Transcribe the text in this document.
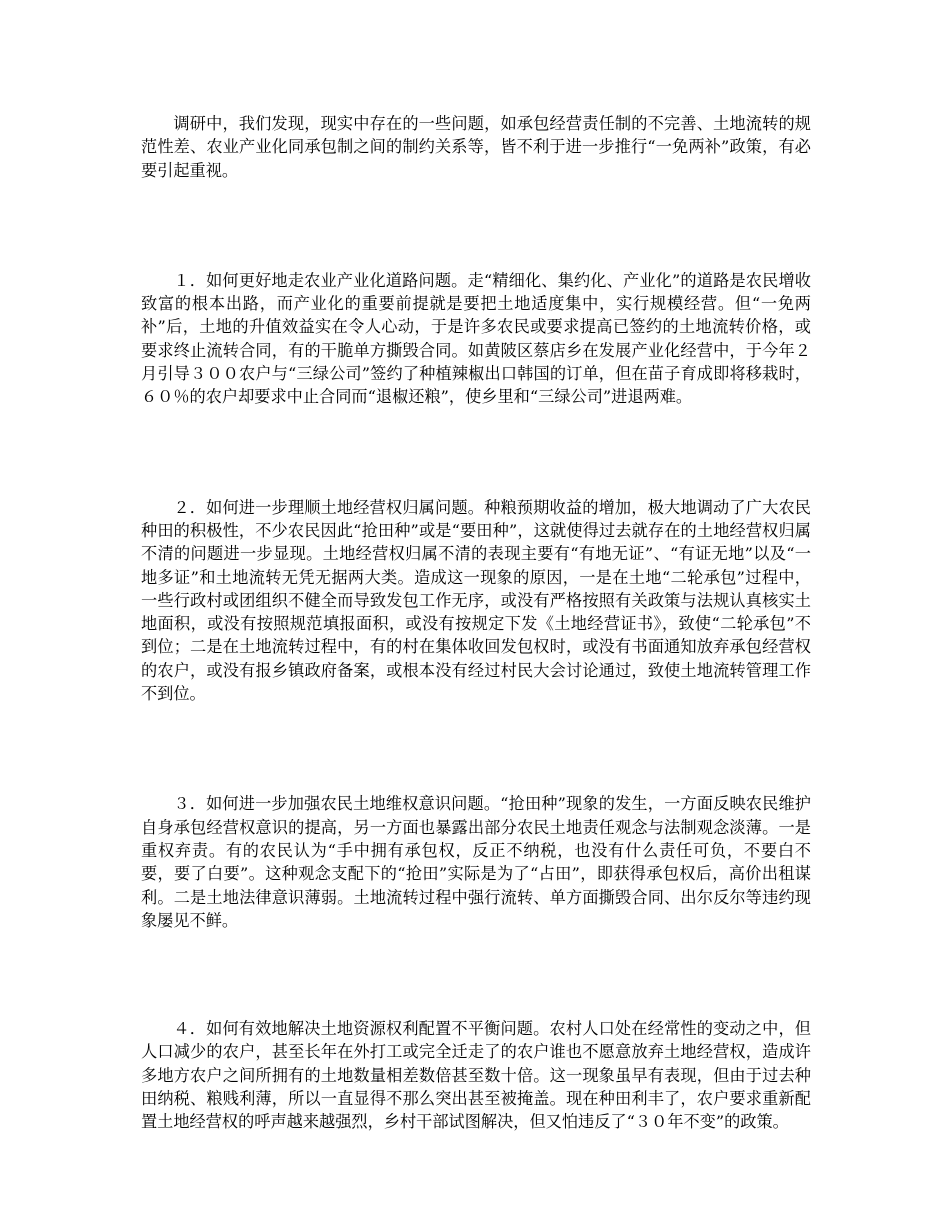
调研中，我们发现，现实中存在的一些问题，如承包经营责任制的不完善、土地流转的规范性差、农业产业化同承包制之间的制约关系等，皆不利于进一步推行“一免两补”政策，有必要引起重视。

１．如何更好地走农业产业化道路问题。走“精细化、集约化、产业化”的道路是农民增收致富的根本出路，而产业化的重要前提就是要把土地适度集中，实行规模经营。但“一免两补”后，土地的升值效益实在令人心动，于是许多农民或要求提高已签约的土地流转价格，或要求终止流转合同，有的干脆单方撕毁合同。如黄陂区蔡店乡在发展产业化经营中，于今年２月引导３００农户与“三绿公司”签约了种植辣椒出口韩国的订单，但在苗子育成即将移栽时，６０％的农户却要求中止合同而“退椒还粮”，使乡里和“三绿公司”进退两难。

２．如何进一步理顺土地经营权归属问题。种粮预期收益的增加，极大地调动了广大农民种田的积极性，不少农民因此“抢田种”或是“要田种”，这就使得过去就存在的土地经营权归属不清的问题进一步显现。土地经营权归属不清的表现主要有“有地无证”、“有证无地”以及“一地多证”和土地流转无凭无据两大类。造成这一现象的原因，一是在土地“二轮承包”过程中，一些行政村或团组织不健全而导致发包工作无序，或没有严格按照有关政策与法规认真核实土地面积，或没有按照规范填报面积，或没有按规定下发《土地经营证书》，致使“二轮承包”不到位；二是在土地流转过程中，有的村在集体收回发包权时，或没有书面通知放弃承包经营权的农户，或没有报乡镇政府备案，或根本没有经过村民大会讨论通过，致使土地流转管理工作不到位。

３．如何进一步加强农民土地维权意识问题。“抢田种”现象的发生，一方面反映农民维护自身承包经营权意识的提高，另一方面也暴露出部分农民土地责任观念与法制观念淡薄。一是重权弃责。有的农民认为“手中拥有承包权，反正不纳税，也没有什么责任可负，不要白不要，要了白要”。这种观念支配下的“抢田”实际是为了“占田”，即获得承包权后，高价出租谋利。二是土地法律意识薄弱。土地流转过程中强行流转、单方面撕毁合同、出尔反尔等违约现象屡见不鲜。

４．如何有效地解决土地资源权利配置不平衡问题。农村人口处在经常性的变动之中，但人口减少的农户，甚至长年在外打工或完全迁走了的农户谁也不愿意放弃土地经营权，造成许多地方农户之间所拥有的土地数量相差数倍甚至数十倍。这一现象虽早有表现，但由于过去种田纳税、粮贱利薄，所以一直显得不那么突出甚至被掩盖。现在种田利丰了，农户要求重新配置土地经营权的呼声越来越强烈，乡村干部试图解决，但又怕违反了“３０年不变”的政策。
